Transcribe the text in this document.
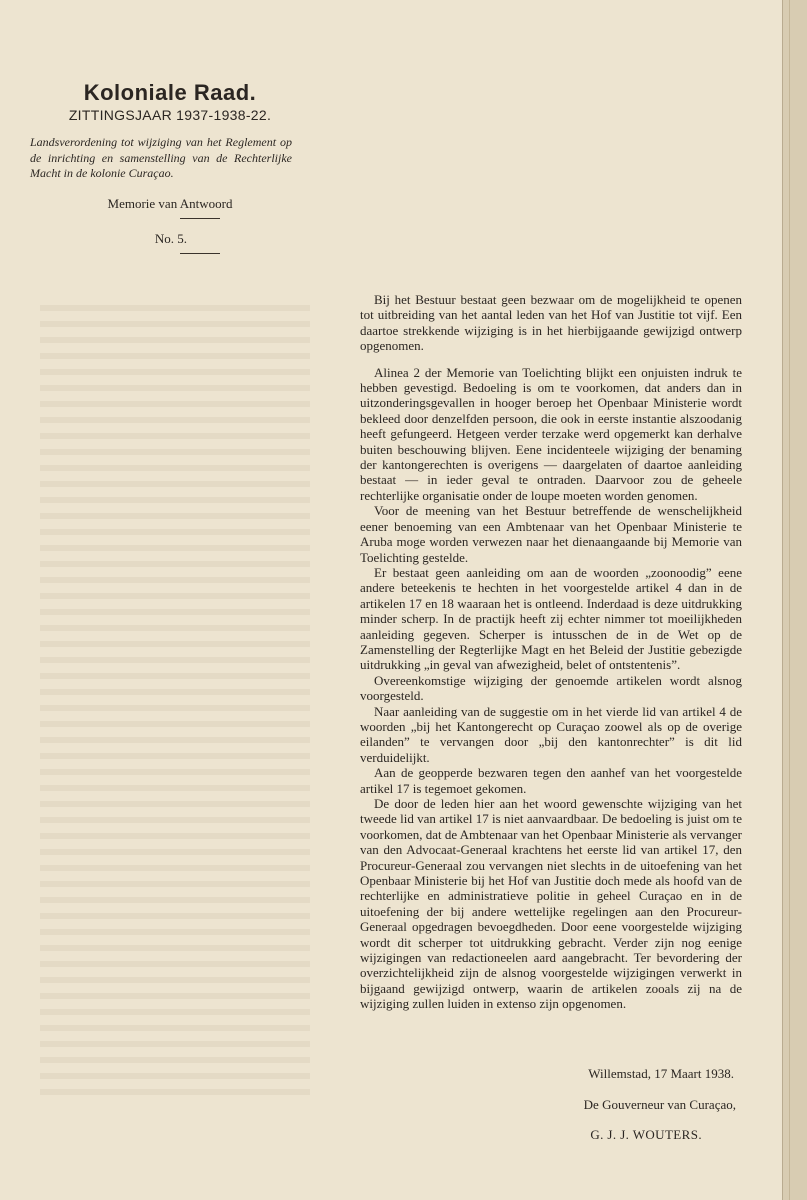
Koloniale Raad.
ZITTINGSJAAR 1937-1938-22.
Landsverordening tot wijziging van het Reglement op de inrichting en samenstelling van de Rechterlijke Macht in de kolonie Curaçao.
Memorie van Antwoord
No. 5.

Bij het Bestuur bestaat geen bezwaar om de mogelijkheid te openen tot uitbreiding van het aantal leden van het Hof van Justitie tot vijf. Een daartoe strekkende wijziging is in het hierbijgaande gewijzigd ontwerp opgenomen.

Alinea 2 der Memorie van Toelichting blijkt een onjuisten indruk te hebben gevestigd. Bedoeling is om te voorkomen, dat anders dan in uitzonderingsgevallen in hooger beroep het Openbaar Ministerie wordt bekleed door denzelfden persoon, die ook in eerste instantie alszoodanig heeft gefungeerd. Hetgeen verder terzake werd opgemerkt kan derhalve buiten beschouwing blijven. Eene incidenteele wijziging der benaming der kantongerechten is overigens — daargelaten of daartoe aanleiding bestaat — in ieder geval te ontraden. Daarvoor zou de geheele rechterlijke organisatie onder de loupe moeten worden genomen.

Voor de meening van het Bestuur betreffende de wenschelijkheid eener benoeming van een Ambtenaar van het Openbaar Ministerie te Aruba moge worden verwezen naar het dienaangaande bij Memorie van Toelichting gestelde.

Er bestaat geen aanleiding om aan de woorden „zoonoodig” eene andere beteekenis te hechten in het voorgestelde artikel 4 dan in de artikelen 17 en 18 waaraan het is ontleend. Inderdaad is deze uitdrukking minder scherp. In de practijk heeft zij echter nimmer tot moeilijkheden aanleiding gegeven. Scherper is intusschen de in de Wet op de Zamenstelling der Regterlijke Magt en het Beleid der Justitie gebezigde uitdrukking „in geval van afwezigheid, belet of ontstentenis”.

Overeenkomstige wijziging der genoemde artikelen wordt alsnog voorgesteld.

Naar aanleiding van de suggestie om in het vierde lid van artikel 4 de woorden „bij het Kantongerecht op Curaçao zoowel als op de overige eilanden” te vervangen door „bij den kantonrechter” is dit lid verduidelijkt.

Aan de geopperde bezwaren tegen den aanhef van het voorgestelde artikel 17 is tegemoet gekomen.

De door de leden hier aan het woord gewenschte wijziging van het tweede lid van artikel 17 is niet aanvaardbaar. De bedoeling is juist om te voorkomen, dat de Ambtenaar van het Openbaar Ministerie als vervanger van den Advocaat-Generaal krachtens het eerste lid van artikel 17, den Procureur-Generaal zou vervangen niet slechts in de uitoefening van het Openbaar Ministerie bij het Hof van Justitie doch mede als hoofd van de rechterlijke en administratieve politie in geheel Curaçao en in de uitoefening der bij andere wettelijke regelingen aan den Procureur-Generaal opgedragen bevoegdheden. Door eene voorgestelde wijziging wordt dit scherper tot uitdrukking gebracht. Verder zijn nog eenige wijzigingen van redactioneelen aard aangebracht. Ter bevordering der overzichtelijkheid zijn de alsnog voorgestelde wijzigingen verwerkt in bijgaand gewijzigd ontwerp, waarin de artikelen zooals zij na de wijziging zullen luiden in extenso zijn opgenomen.

Willemstad, 17 Maart 1938.
De Gouverneur van Curaçao,
G. J. J. WOUTERS.
